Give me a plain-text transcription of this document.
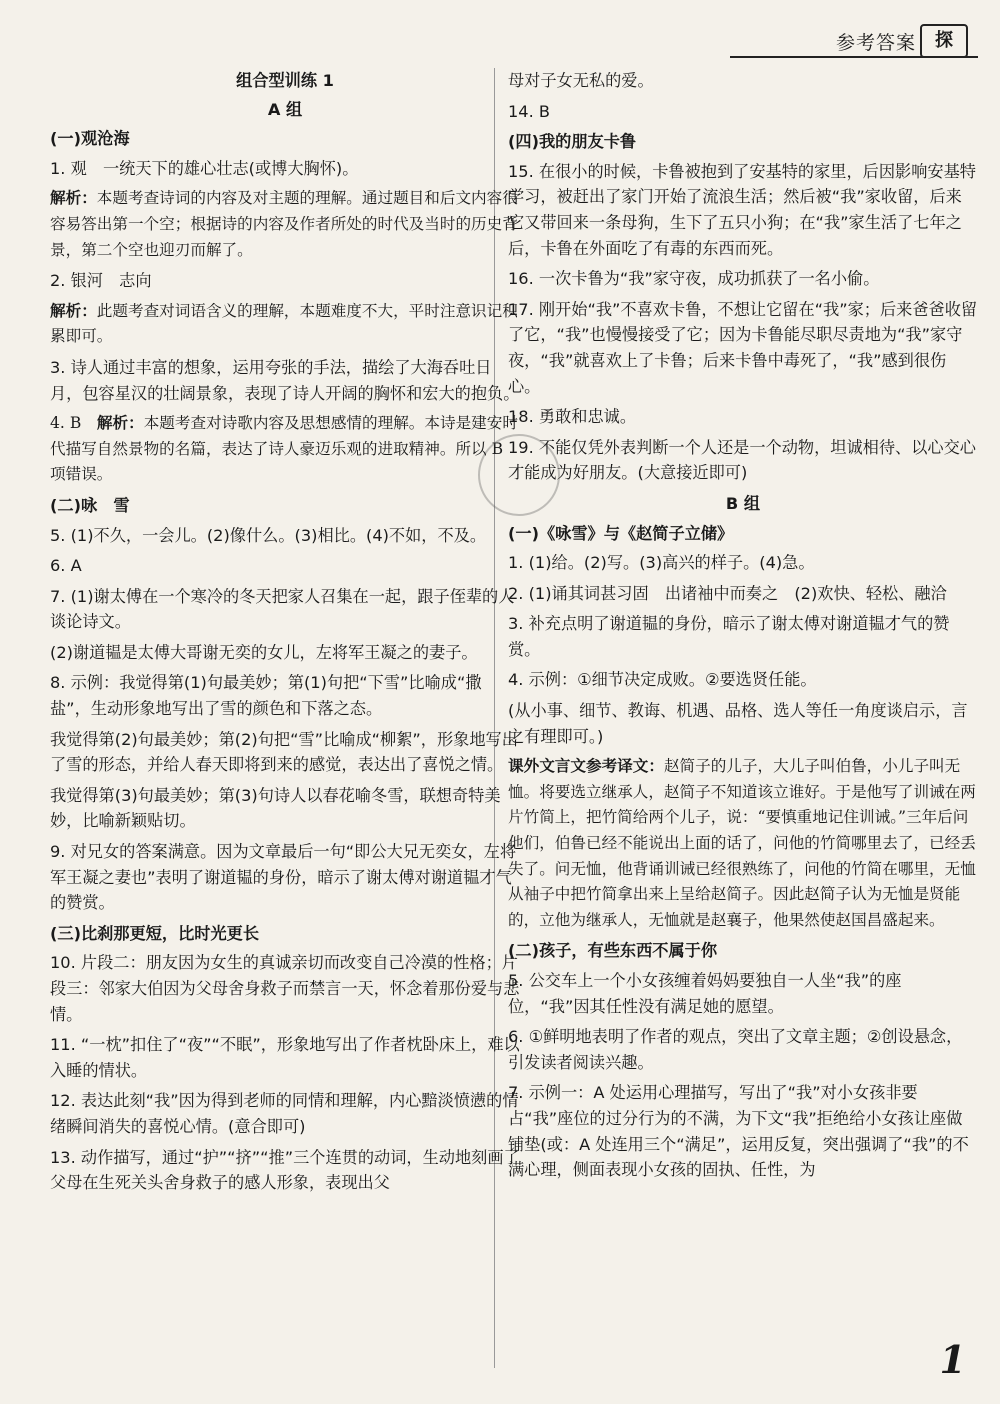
参考答案	探
组合型训练 1
A 组
(一)观沧海
1. 观　一统天下的雄心壮志(或博大胸怀)。
解析：本题考查诗词的内容及对主题的理解。通过题目和后文内容很容易答出第一个空；根据诗的内容及作者所处的时代及当时的历史背景，第二个空也迎刃而解了。
2. 银河　志向
解析：此题考查对词语含义的理解，本题难度不大，平时注意识记积累即可。
3. 诗人通过丰富的想象，运用夸张的手法，描绘了大海吞吐日月，包容星汉的壮阔景象，表现了诗人开阔的胸怀和宏大的抱负。
4. B　解析：本题考查对诗歌内容及思想感情的理解。本诗是建安时代描写自然景物的名篇，表达了诗人豪迈乐观的进取精神。所以 B 项错误。
(二)咏　雪
5. (1)不久，一会儿。(2)像什么。(3)相比。(4)不如，不及。
6. A
7. (1)谢太傅在一个寒冷的冬天把家人召集在一起，跟子侄辈的人谈论诗文。
(2)谢道韫是太傅大哥谢无奕的女儿，左将军王凝之的妻子。
8. 示例：我觉得第(1)句最美妙；第(1)句把“下雪”比喻成“撒盐”，生动形象地写出了雪的颜色和下落之态。
我觉得第(2)句最美妙；第(2)句把“雪”比喻成“柳絮”，形象地写出了雪的形态，并给人春天即将到来的感觉，表达出了喜悦之情。
我觉得第(3)句最美妙；第(3)句诗人以春花喻冬雪，联想奇特美妙，比喻新颖贴切。
9. 对兄女的答案满意。因为文章最后一句“即公大兄无奕女，左将军王凝之妻也”表明了谢道韫的身份，暗示了谢太傅对谢道韫才气的赞赏。
(三)比刹那更短，比时光更长
10. 片段二：朋友因为女生的真诚亲切而改变自己冷漠的性格；片段三：邻家大伯因为父母舍身救子而禁言一天，怀念着那份爱与悲情。
11. “一枕”扣住了“夜”“不眠”，形象地写出了作者枕卧床上，难以入睡的情状。
12. 表达此刻“我”因为得到老师的同情和理解，内心黯淡愤懑的情绪瞬间消失的喜悦心情。(意合即可)
13. 动作描写，通过“护”“挤”“推”三个连贯的动词，生动地刻画了父母在生死关头舍身救子的感人形象，表现出父
母对子女无私的爱。
14. B
(四)我的朋友卡鲁
15. 在很小的时候，卡鲁被抱到了安基特的家里，后因影响安基特学习，被赶出了家门开始了流浪生活；然后被“我”家收留，后来它又带回来一条母狗，生下了五只小狗；在“我”家生活了七年之后，卡鲁在外面吃了有毒的东西而死。
16. 一次卡鲁为“我”家守夜，成功抓获了一名小偷。
17. 刚开始“我”不喜欢卡鲁，不想让它留在“我”家；后来爸爸收留了它，“我”也慢慢接受了它；因为卡鲁能尽职尽责地为“我”家守夜，“我”就喜欢上了卡鲁；后来卡鲁中毒死了，“我”感到很伤心。
18. 勇敢和忠诚。
19. 不能仅凭外表判断一个人还是一个动物，坦诚相待、以心交心才能成为好朋友。(大意接近即可)
B 组
(一)《咏雪》与《赵简子立储》
1. (1)给。(2)写。(3)高兴的样子。(4)急。
2. (1)诵其词甚习固　出诸袖中而奏之　(2)欢快、轻松、融洽
3. 补充点明了谢道韫的身份，暗示了谢太傅对谢道韫才气的赞赏。
4. 示例：①细节决定成败。②要选贤任能。
(从小事、细节、教诲、机遇、品格、选人等任一角度谈启示，言之有理即可。)
课外文言文参考译文：赵简子的儿子，大儿子叫伯鲁，小儿子叫无恤。将要选立继承人，赵简子不知道该立谁好。于是他写了训诫在两片竹简上，把竹简给两个儿子，说：“要慎重地记住训诫。”三年后问他们，伯鲁已经不能说出上面的话了，问他的竹简哪里去了，已经丢失了。问无恤，他背诵训诫已经很熟练了，问他的竹简在哪里，无恤从袖子中把竹简拿出来上呈给赵简子。因此赵简子认为无恤是贤能的，立他为继承人，无恤就是赵襄子，他果然使赵国昌盛起来。
(二)孩子，有些东西不属于你
5. 公交车上一个小女孩缠着妈妈要独自一人坐“我”的座位，“我”因其任性没有满足她的愿望。
6. ①鲜明地表明了作者的观点，突出了文章主题；②创设悬念，引发读者阅读兴趣。
7. 示例一：A 处运用心理描写，写出了“我”对小女孩非要占“我”座位的过分行为的不满，为下文“我”拒绝给小女孩让座做铺垫(或：A 处连用三个“满足”，运用反复，突出强调了“我”的不满心理，侧面表现小女孩的固执、任性，为
1
